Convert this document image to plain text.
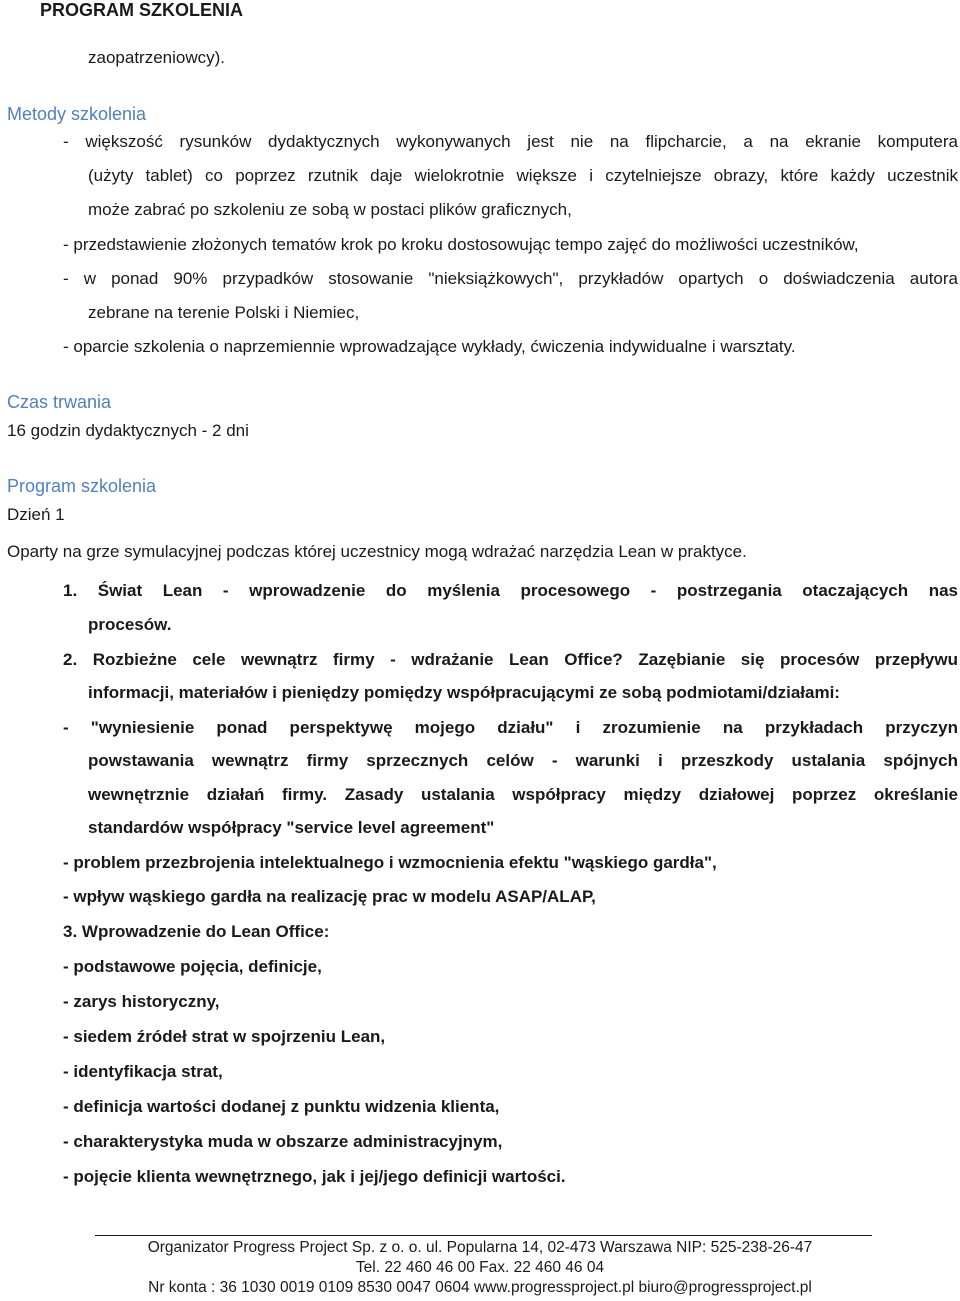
PROGRAM SZKOLENIA
zaopatrzeniowcy).
Metody szkolenia
- większość rysunków dydaktycznych wykonywanych jest nie na flipcharcie, a na ekranie komputera
(użyty tablet) co poprzez rzutnik daje wielokrotnie większe i czytelniejsze obrazy, które każdy uczestnik
może zabrać po szkoleniu ze sobą w postaci plików graficznych,
- przedstawienie złożonych tematów krok po kroku dostosowując tempo zajęć do możliwości uczestników,
- w ponad 90% przypadków stosowanie "nieksiążkowych", przykładów opartych o doświadczenia autora
zebrane na terenie Polski i Niemiec,
- oparcie szkolenia o naprzemiennie wprowadzające wykłady, ćwiczenia indywidualne i warsztaty.
Czas trwania
16 godzin dydaktycznych - 2 dni
Program szkolenia
Dzień 1
Oparty na grze symulacyjnej podczas której uczestnicy mogą wdrażać narzędzia Lean w praktyce.
1. Świat Lean - wprowadzenie do myślenia procesowego - postrzegania otaczających nas
procesów.
2. Rozbieżne cele wewnątrz firmy - wdrażanie Lean Office? Zazębianie się procesów przepływu
informacji, materiałów i pieniędzy pomiędzy współpracującymi ze sobą podmiotami/działami:
- "wyniesienie ponad perspektywę mojego działu" i zrozumienie na przykładach przyczyn
powstawania wewnątrz firmy sprzecznych celów - warunki i przeszkody ustalania spójnych
wewnętrznie działań firmy. Zasady ustalania współpracy między działowej poprzez określanie
standardów współpracy "service level agreement"
- problem przezbrojenia intelektualnego i wzmocnienia efektu "wąskiego gardła",
- wpływ wąskiego gardła na realizację prac w modelu ASAP/ALAP,
3. Wprowadzenie do Lean Office:
- podstawowe pojęcia, definicje,
- zarys historyczny,
- siedem źródeł strat w spojrzeniu Lean,
- identyfikacja strat,
- definicja wartości dodanej z punktu widzenia klienta,
- charakterystyka muda w obszarze administracyjnym,
- pojęcie klienta wewnętrznego, jak i jej/jego definicji wartości.
Organizator Progress Project Sp. z o. o. ul. Popularna 14, 02-473 Warszawa NIP: 525-238-26-47
Tel. 22 460 46 00 Fax. 22 460 46 04
Nr konta : 36 1030 0019 0109 8530 0047 0604 www.progressproject.pl biuro@progressproject.pl
